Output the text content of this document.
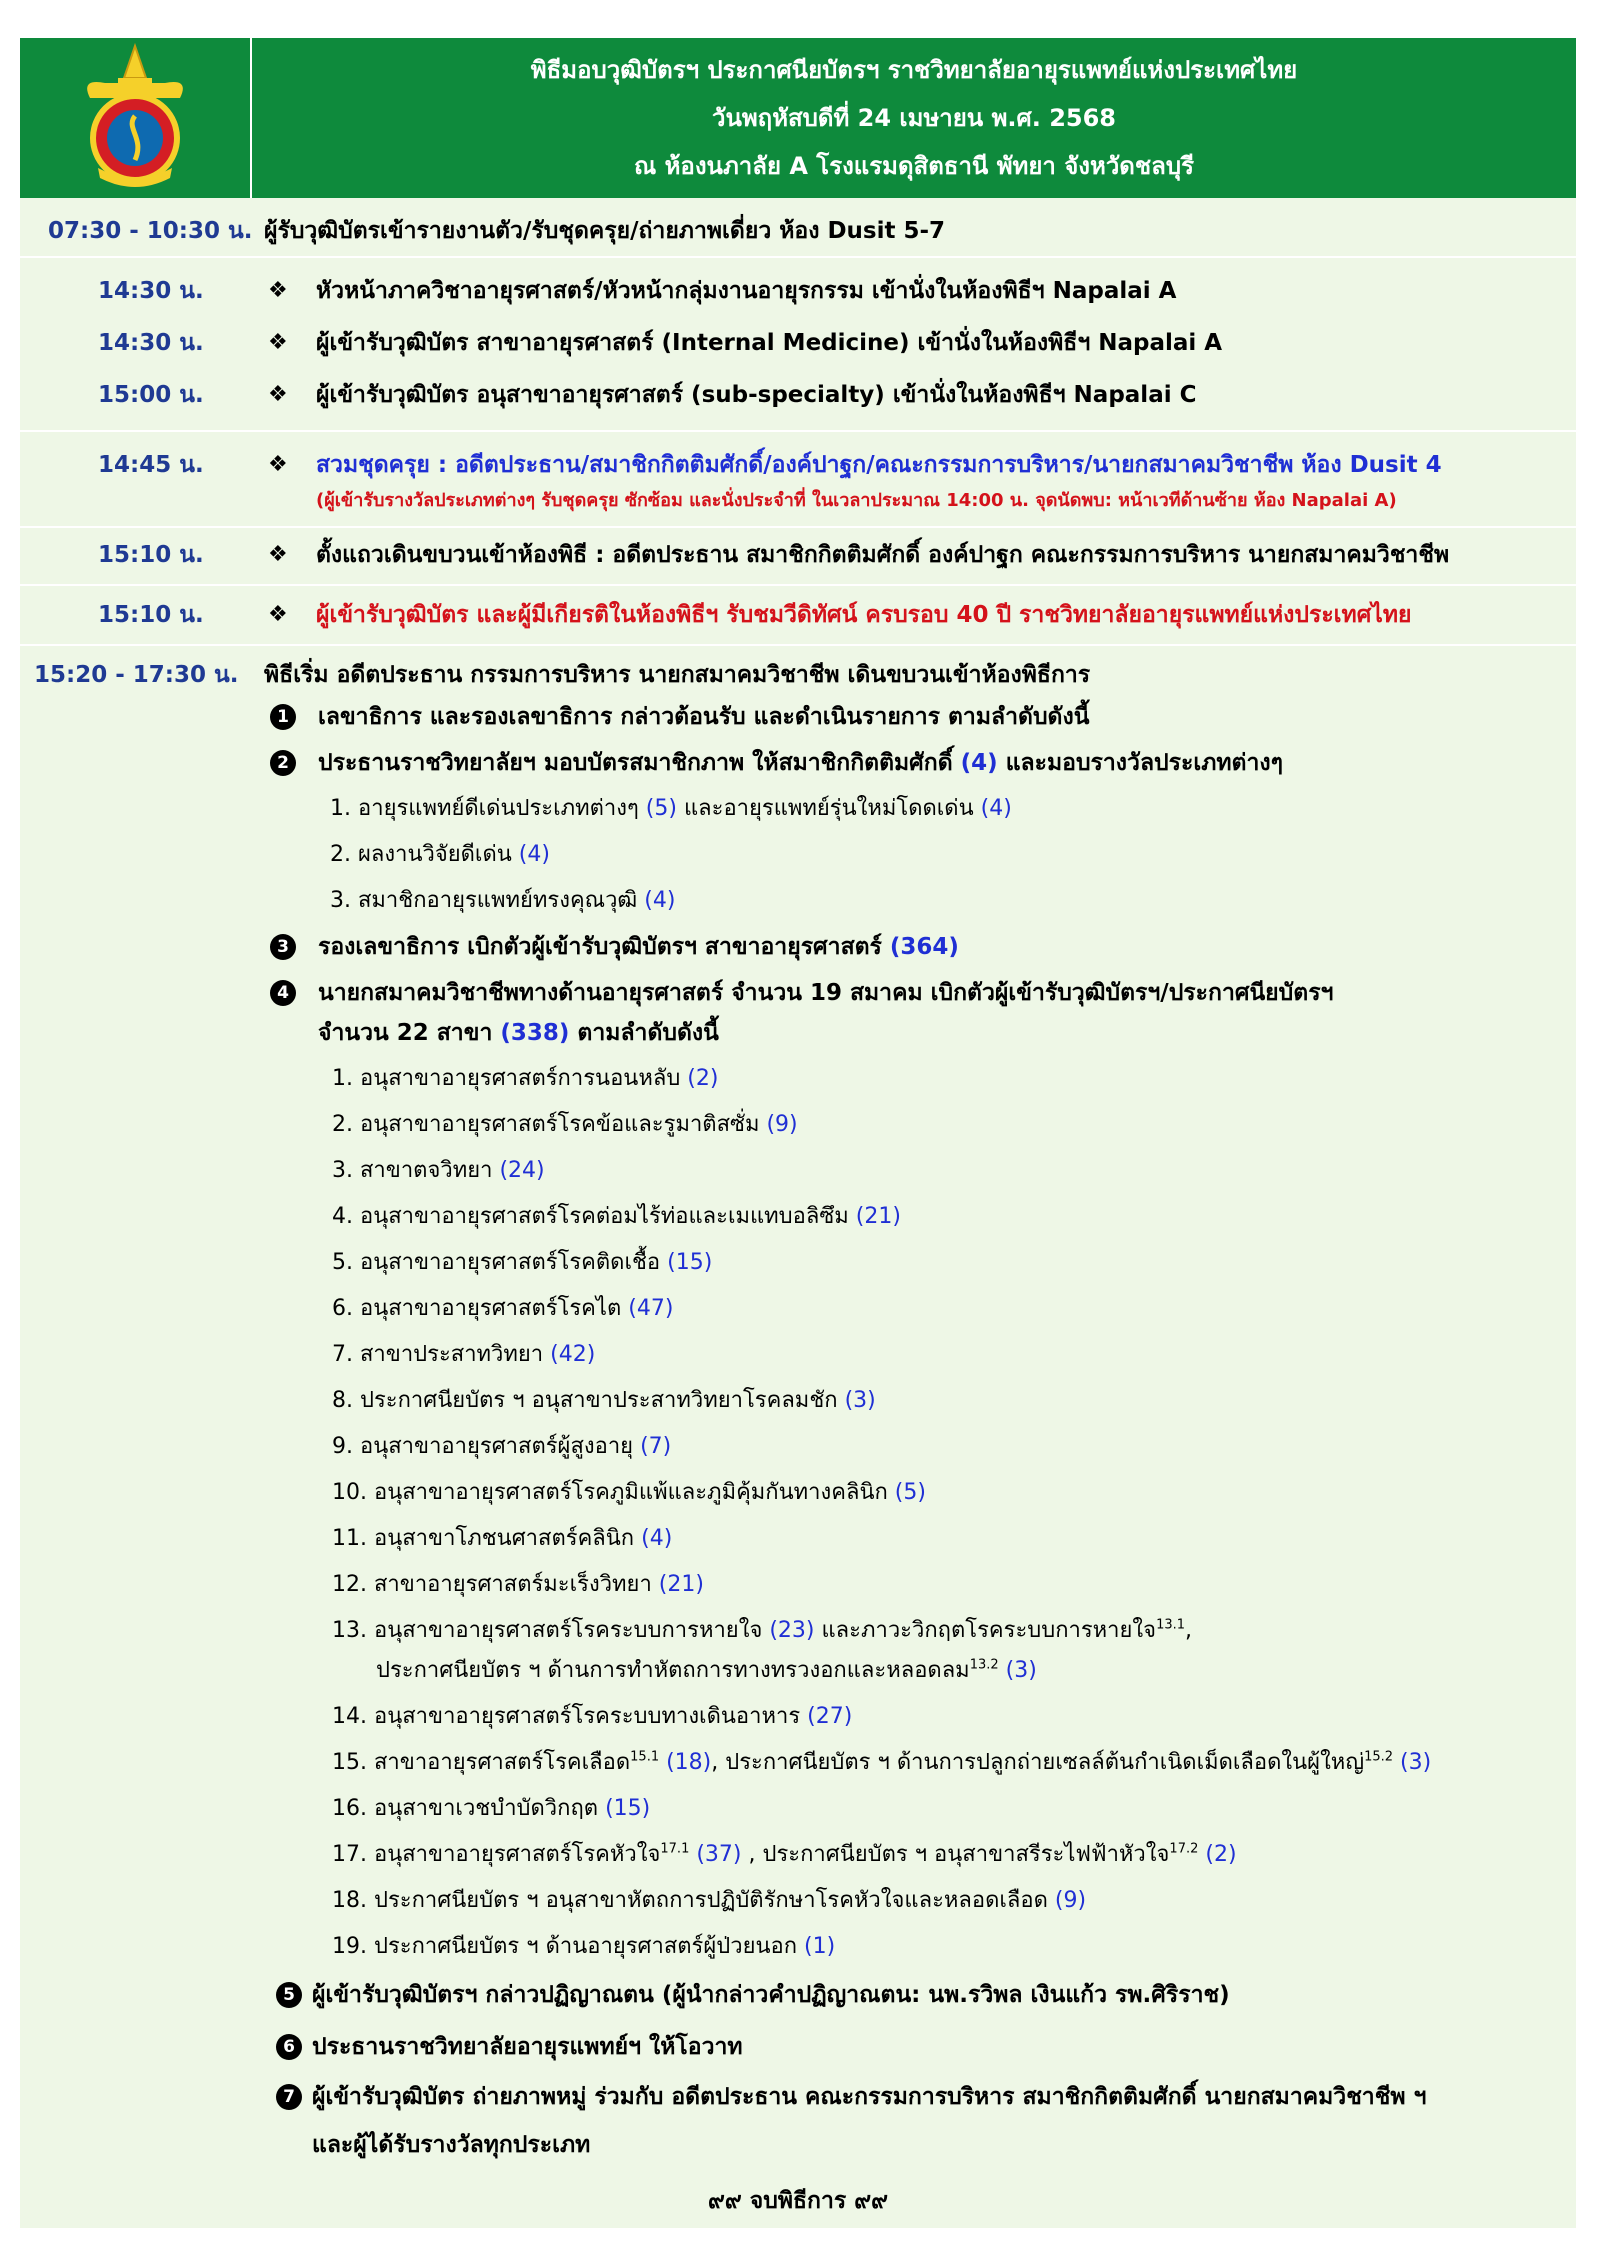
พิธีมอบวุฒิบัตรฯ ประกาศนียบัตรฯ ราชวิทยาลัยอายุรแพทย์แห่งประเทศไทย
วันพฤหัสบดีที่ 24 เมษายน พ.ศ. 2568
ณ ห้องนภาลัย A โรงแรมดุสิตธานี พัทยา จังหวัดชลบุรี
07:30 - 10:30 น. ผู้รับวุฒิบัตรเข้ารายงานตัว/รับชุดครุย/ถ่ายภาพเดี่ยว ห้อง Dusit 5-7
14:30 น.	❖ หัวหน้าภาควิชาอายุรศาสตร์/หัวหน้ากลุ่มงานอายุรกรรม เข้านั่งในห้องพิธีฯ Napalai A
14:30 น.	❖ ผู้เข้ารับวุฒิบัตร สาขาอายุรศาสตร์ (Internal Medicine) เข้านั่งในห้องพิธีฯ Napalai A
15:00 น.	❖ ผู้เข้ารับวุฒิบัตร อนุสาขาอายุรศาสตร์ (sub-specialty) เข้านั่งในห้องพิธีฯ Napalai C
14:45 น.	❖ สวมชุดครุย : อดีตประธาน/สมาชิกกิตติมศักดิ์/องค์ปาฐก/คณะกรรมการบริหาร/นายกสมาคมวิชาชีพ ห้อง Dusit 4
(ผู้เข้ารับรางวัลประเภทต่างๆ รับชุดครุย ซักซ้อม และนั่งประจำที่ ในเวลาประมาณ 14:00 น. จุดนัดพบ: หน้าเวทีด้านซ้าย ห้อง Napalai A)
15:10 น.	❖ ตั้งแถวเดินขบวนเข้าห้องพิธี : อดีตประธาน สมาชิกกิตติมศักดิ์ องค์ปาฐก คณะกรรมการบริหาร นายกสมาคมวิชาชีพ
15:10 น.	❖ ผู้เข้ารับวุฒิบัตร และผู้มีเกียรติในห้องพิธีฯ รับชมวีดิทัศน์ ครบรอบ 40 ปี ราชวิทยาลัยอายุรแพทย์แห่งประเทศไทย
15:20 - 17:30 น. พิธีเริ่ม อดีตประธาน กรรมการบริหาร นายกสมาคมวิชาชีพ เดินขบวนเข้าห้องพิธีการ
1	เลขาธิการ และรองเลขาธิการ กล่าวต้อนรับ และดำเนินรายการ ตามลำดับดังนี้
2	ประธานราชวิทยาลัยฯ มอบบัตรสมาชิกภาพ ให้สมาชิกกิตติมศักดิ์ (4) และมอบรางวัลประเภทต่างๆ
1. อายุรแพทย์ดีเด่นประเภทต่างๆ (5) และอายุรแพทย์รุ่นใหม่โดดเด่น (4)
2. ผลงานวิจัยดีเด่น (4)
3. สมาชิกอายุรแพทย์ทรงคุณวุฒิ (4)
3	รองเลขาธิการ เบิกตัวผู้เข้ารับวุฒิบัตรฯ สาขาอายุรศาสตร์ (364)
4	นายกสมาคมวิชาชีพทางด้านอายุรศาสตร์ จำนวน 19 สมาคม เบิกตัวผู้เข้ารับวุฒิบัตรฯ/ประกาศนียบัตรฯ
จำนวน 22 สาขา (338) ตามลำดับดังนี้
1. อนุสาขาอายุรศาสตร์การนอนหลับ (2)
2. อนุสาขาอายุรศาสตร์โรคข้อและรูมาติสซั่ม (9)
3. สาขาตจวิทยา (24)
4. อนุสาขาอายุรศาสตร์โรคต่อมไร้ท่อและเมแทบอลิซึม (21)
5. อนุสาขาอายุรศาสตร์โรคติดเชื้อ (15)
6. อนุสาขาอายุรศาสตร์โรคไต (47)
7. สาขาประสาทวิทยา (42)
8. ประกาศนียบัตร ฯ อนุสาขาประสาทวิทยาโรคลมชัก (3)
9. อนุสาขาอายุรศาสตร์ผู้สูงอายุ (7)
10. อนุสาขาอายุรศาสตร์โรคภูมิแพ้และภูมิคุ้มกันทางคลินิก (5)
11. อนุสาขาโภชนศาสตร์คลินิก (4)
12. สาขาอายุรศาสตร์มะเร็งวิทยา (21)
13. อนุสาขาอายุรศาสตร์โรคระบบการหายใจ (23) และภาวะวิกฤตโรคระบบการหายใจ$^{13.1}$,
ประกาศนียบัตร ฯ ด้านการทำหัตถการทางทรวงอกและหลอดลม$^{13.2}$ (3)
14. อนุสาขาอายุรศาสตร์โรคระบบทางเดินอาหาร (27)
15. สาขาอายุรศาสตร์โรคเลือด$^{15.1}$ (18), ประกาศนียบัตร ฯ ด้านการปลูกถ่ายเซลล์ต้นกำเนิดเม็ดเลือดในผู้ใหญ่$^{15.2}$ (3)
16. อนุสาขาเวชบำบัดวิกฤต (15)
17. อนุสาขาอายุรศาสตร์โรคหัวใจ$^{17.1}$ (37) , ประกาศนียบัตร ฯ อนุสาขาสรีระไฟฟ้าหัวใจ$^{17.2}$ (2)
18. ประกาศนียบัตร ฯ อนุสาขาหัตถการปฏิบัติรักษาโรคหัวใจและหลอดเลือด (9)
19. ประกาศนียบัตร ฯ ด้านอายุรศาสตร์ผู้ป่วยนอก (1)
5 ผู้เข้ารับวุฒิบัตรฯ กล่าวปฏิญาณตน (ผู้นำกล่าวคำปฏิญาณตน: นพ.รวิพล เงินแก้ว รพ.ศิริราช)
6 ประธานราชวิทยาลัยอายุรแพทย์ฯ ให้โอวาท
7 ผู้เข้ารับวุฒิบัตร ถ่ายภาพหมู่ ร่วมกับ อดีตประธาน คณะกรรมการบริหาร สมาชิกกิตติมศักดิ์ นายกสมาคมวิชาชีพ ฯ
และผู้ได้รับรางวัลทุกประเภท
๙๙ จบพิธีการ ๙๙
